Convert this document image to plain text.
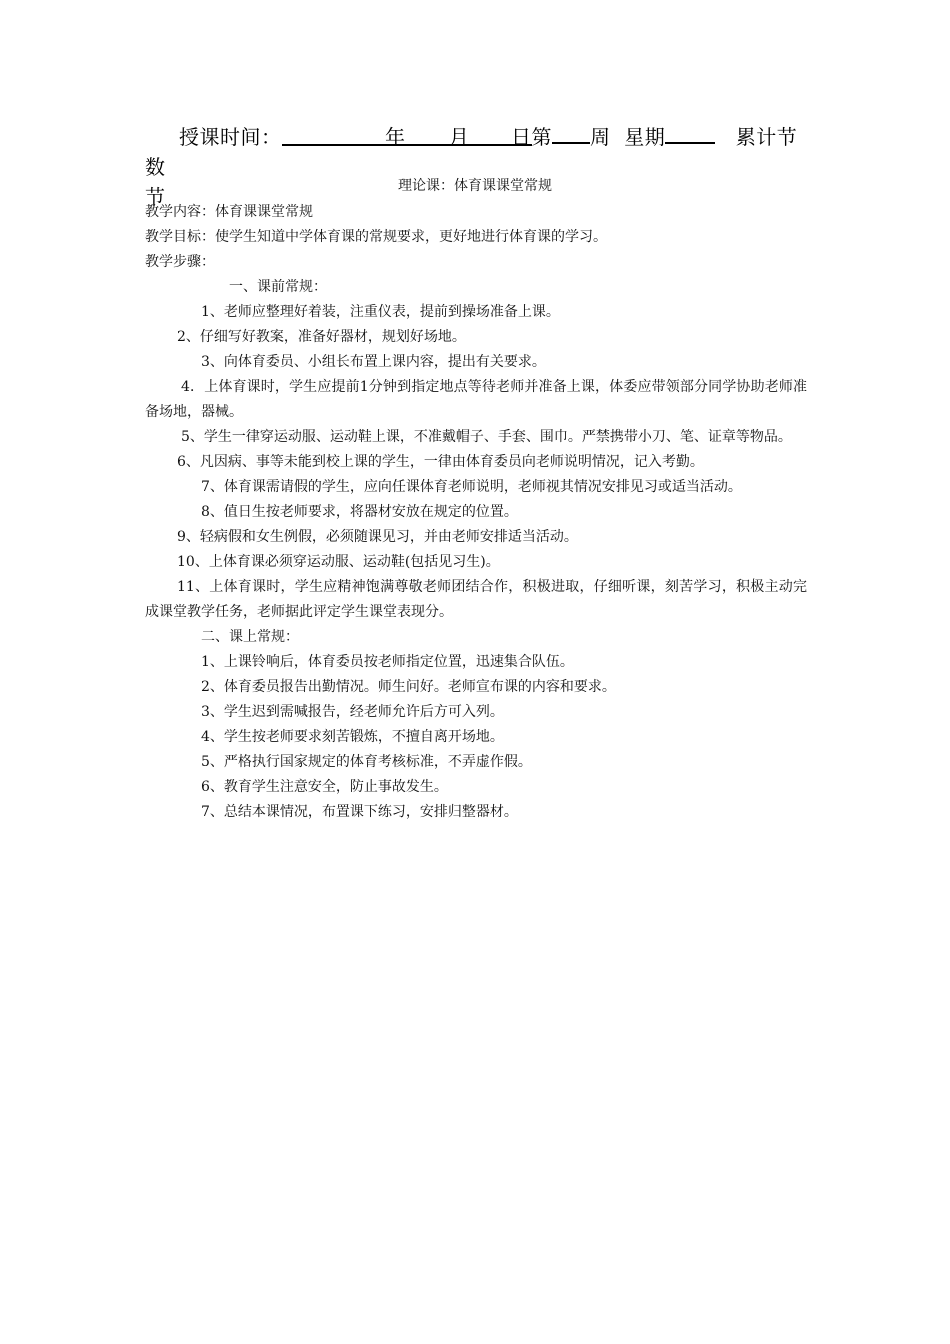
授课时间：	年 月 日第 周 星期	累计节数
节	理论课：体育课课堂常规
教学内容：体育课课堂常规
教学目标：使学生知道中学体育课的常规要求，更好地进行体育课的学习。
教学步骤：
一、课前常规：
1、老师应整理好着装，注重仪表，提前到操场准备上课。
2、仔细写好教案，准备好器材，规划好场地。
3、向体育委员、小组长布置上课内容，提出有关要求。
4．上体育课时，学生应提前1分钟到指定地点等待老师并准备上课，体委应带领部分同学协助老师准备场地，器械。
5、学生一律穿运动服、运动鞋上课，不准戴帽子、手套、围巾。严禁携带小刀、笔、证章等物品。
6、凡因病、事等未能到校上课的学生，一律由体育委员向老师说明情况，记入考勤。
7、体育课需请假的学生，应向任课体育老师说明，老师视其情况安排见习或适当活动。
8、值日生按老师要求，将器材安放在规定的位置。
9、轻病假和女生例假，必须随课见习，并由老师安排适当活动。
10、上体育课必须穿运动服、运动鞋(包括见习生)。
11、上体育课时，学生应精神饱满尊敬老师团结合作，积极进取，仔细听课，刻苦学习，积极主动完成课堂教学任务，老师据此评定学生课堂表现分。
二、课上常规：
1、上课铃响后，体育委员按老师指定位置，迅速集合队伍。
2、体育委员报告出勤情况。师生问好。老师宣布课的内容和要求。
3、学生迟到需喊报告，经老师允许后方可入列。
4、学生按老师要求刻苦锻炼，不擅自离开场地。
5、严格执行国家规定的体育考核标准，不弄虚作假。
6、教育学生注意安全，防止事故发生。
7、总结本课情况，布置课下练习，安排归整器材。
